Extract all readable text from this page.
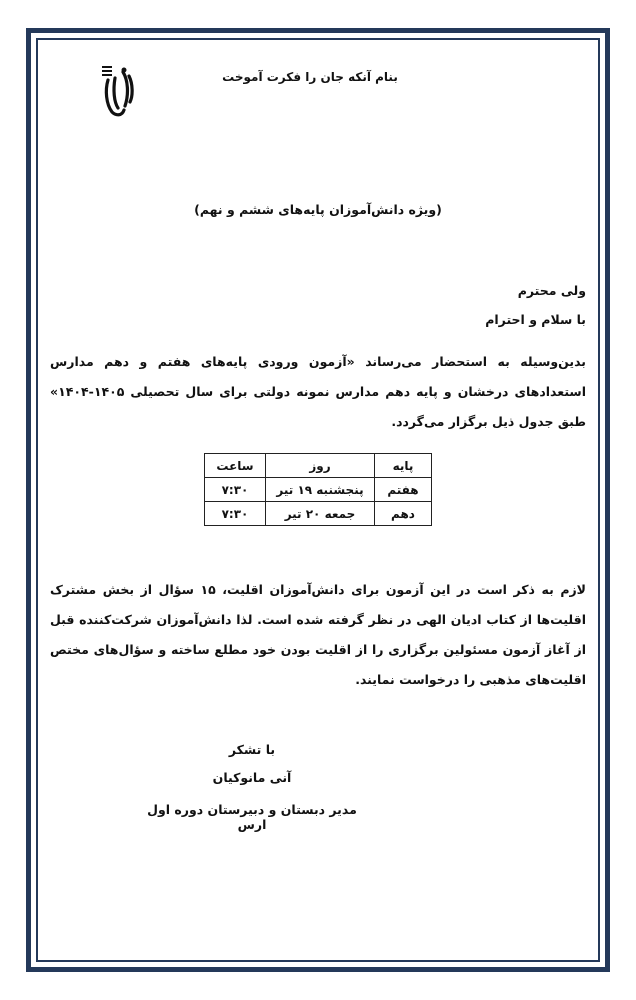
بنام آنکه جان را فکرت آموخت
(ویژه دانش‌آموزان پایه‌های ششم و نهم)
ولی محترم
با سلام و احترام
بدین‌وسیله به استحضار می‌رساند «آزمون ورودی پایه‌های هفتم و دهم مدارس استعدادهای درخشان و پایه دهم مدارس نمونه دولتی برای سال تحصیلی ۱۴۰۵-۱۴۰۴» طبق جدول ذیل برگزار می‌گردد.
پایه	روز	ساعت
هفتم	پنجشنبه ۱۹ تیر	۷:۳۰
دهم	جمعه ۲۰ تیر	۷:۳۰
لازم به ذکر است در این آزمون برای دانش‌آموزان اقلیت، ۱۵ سؤال از بخش مشترک اقلیت‌ها از کتاب ادیان الهی در نظر گرفته شده است. لذا دانش‌آموزان شرکت‌کننده قبل از آغاز آزمون مسئولین برگزاری را از اقلیت بودن خود مطلع ساخته و سؤال‌های مختص اقلیت‌های مذهبی را درخواست نمایند.
با تشکر
آنی مانوکیان
مدیر دبستان و دبیرستان دوره اول ارس
